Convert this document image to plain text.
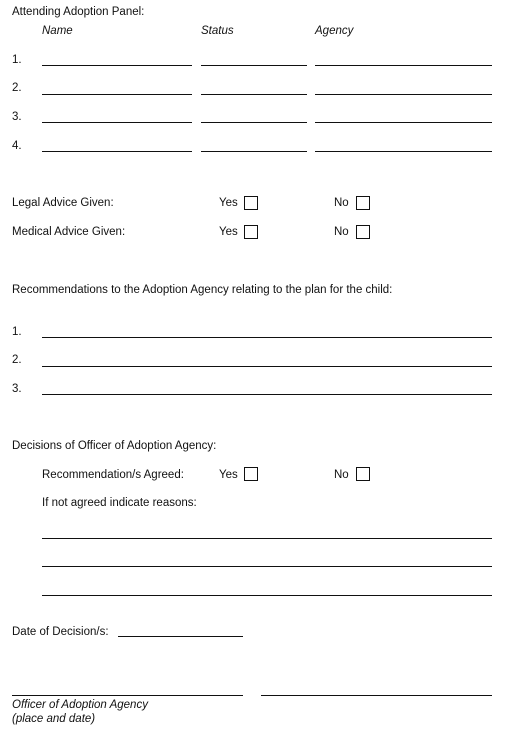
Attending Adoption Panel:
Name	Status	Agency
1.
2.
3.
4.
Legal Advice Given:	Yes	No
Medical Advice Given:	Yes	No
Recommendations to the Adoption Agency relating to the plan for the child:
1.
2.
3.
Decisions of Officer of Adoption Agency:
Recommendation/s Agreed:	Yes	No
If not agreed indicate reasons:
Date of Decision/s:
Officer of Adoption Agency
(place and date)
